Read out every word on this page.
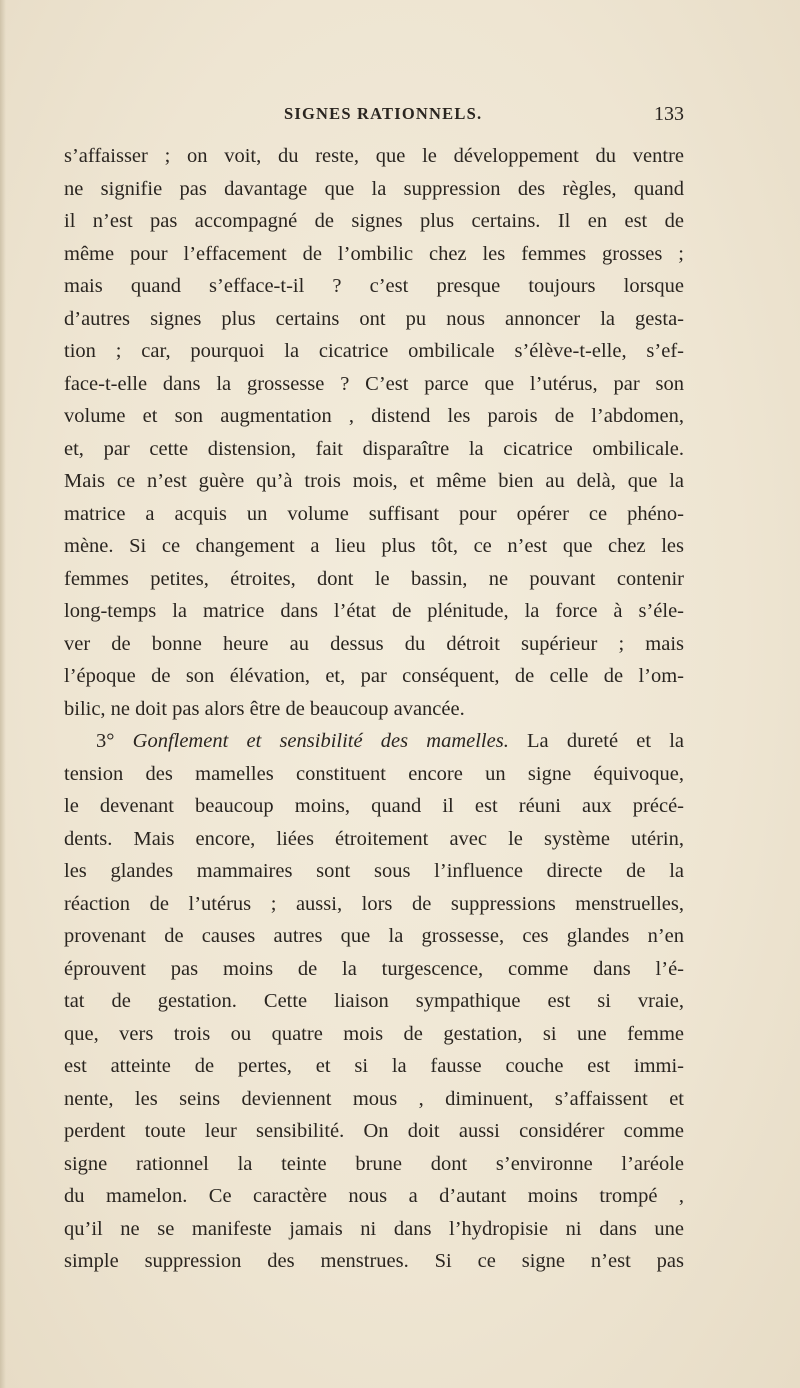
SIGNES RATIONNELS.	133
s’affaisser ; on voit, du reste, que le développement du ventre
ne signifie pas davantage que la suppression des règles, quand
il n’est pas accompagné de signes plus certains. Il en est de
même pour l’effacement de l’ombilic chez les femmes grosses ;
mais quand s’efface-t-il ? c’est presque toujours lorsque
d’autres signes plus certains ont pu nous annoncer la gesta-
tion ; car, pourquoi la cicatrice ombilicale s’élève-t-elle, s’ef-
face-t-elle dans la grossesse ? C’est parce que l’utérus, par son
volume et son augmentation , distend les parois de l’abdomen,
et, par cette distension, fait disparaître la cicatrice ombilicale.
Mais ce n’est guère qu’à trois mois, et même bien au delà, que la
matrice a acquis un volume suffisant pour opérer ce phéno-
mène. Si ce changement a lieu plus tôt, ce n’est que chez les
femmes petites, étroites, dont le bassin, ne pouvant contenir
long-temps la matrice dans l’état de plénitude, la force à s’éle-
ver de bonne heure au dessus du détroit supérieur ; mais
l’époque de son élévation, et, par conséquent, de celle de l’om-
bilic, ne doit pas alors être de beaucoup avancée.
3° Gonflement et sensibilité des mamelles. La dureté et la
tension des mamelles constituent encore un signe équivoque,
le devenant beaucoup moins, quand il est réuni aux précé-
dents. Mais encore, liées étroitement avec le système utérin,
les glandes mammaires sont sous l’influence directe de la
réaction de l’utérus ; aussi, lors de suppressions menstruelles,
provenant de causes autres que la grossesse, ces glandes n’en
éprouvent pas moins de la turgescence, comme dans l’é-
tat de gestation. Cette liaison sympathique est si vraie,
que, vers trois ou quatre mois de gestation, si une femme
est atteinte de pertes, et si la fausse couche est immi-
nente, les seins deviennent mous , diminuent, s’affaissent et
perdent toute leur sensibilité. On doit aussi considérer comme
signe rationnel la teinte brune dont s’environne l’aréole
du mamelon. Ce caractère nous a d’autant moins trompé ,
qu’il ne se manifeste jamais ni dans l’hydropisie ni dans une
simple suppression des menstrues. Si ce signe n’est pas
